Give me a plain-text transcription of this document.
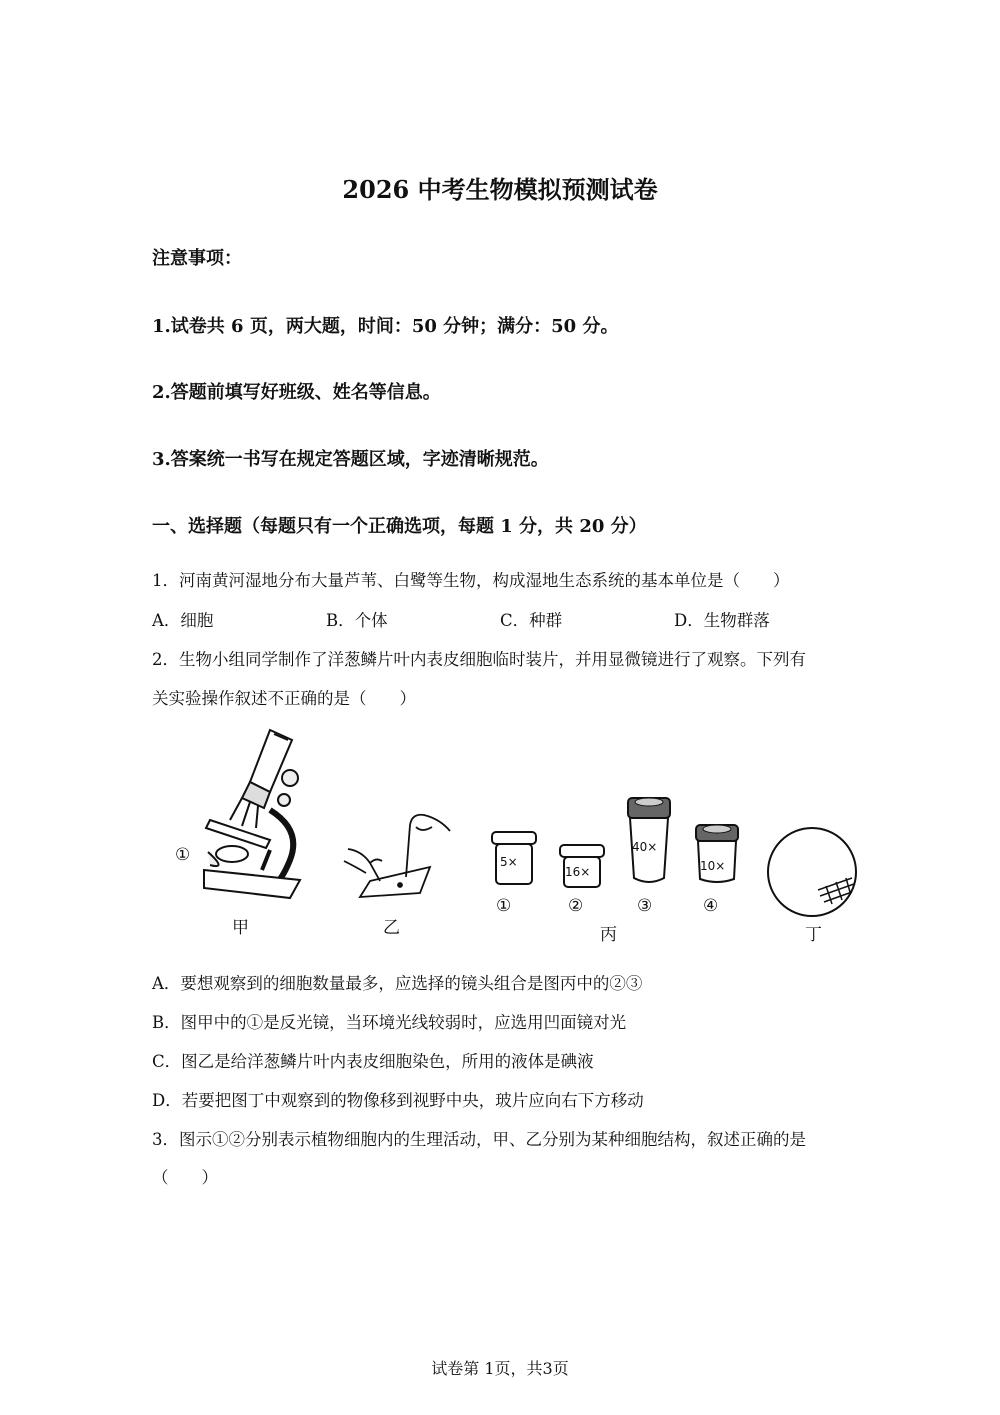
2026 中考生物模拟预测试卷
注意事项：
1.试卷共 6 页，两大题，时间：50 分钟；满分：50 分。
2.答题前填写好班级、姓名等信息。
3.答案统一书写在规定答题区域，字迹清晰规范。
一、选择题（每题只有一个正确选项，每题 1 分，共 20 分）
1．河南黄河湿地分布大量芦苇、白鹭等生物，构成湿地生态系统的基本单位是（　　）
A．细胞	B．个体	C．种群	D．生物群落
2．生物小组同学制作了洋葱鳞片叶内表皮细胞临时装片，并用显微镜进行了观察。下列有
关实验操作叙述不正确的是（　　）
①
甲	乙
5×
16×
40×
10×
①	②	③	④
丙	丁
A．要想观察到的细胞数量最多，应选择的镜头组合是图丙中的②③
B．图甲中的①是反光镜，当环境光线较弱时，应选用凹面镜对光
C．图乙是给洋葱鳞片叶内表皮细胞染色，所用的液体是碘液
D．若要把图丁中观察到的物像移到视野中央，玻片应向右下方移动
3．图示①②分别表示植物细胞内的生理活动，甲、乙分别为某种细胞结构，叙述正确的是
（　　）
试卷第 1页，共3页
